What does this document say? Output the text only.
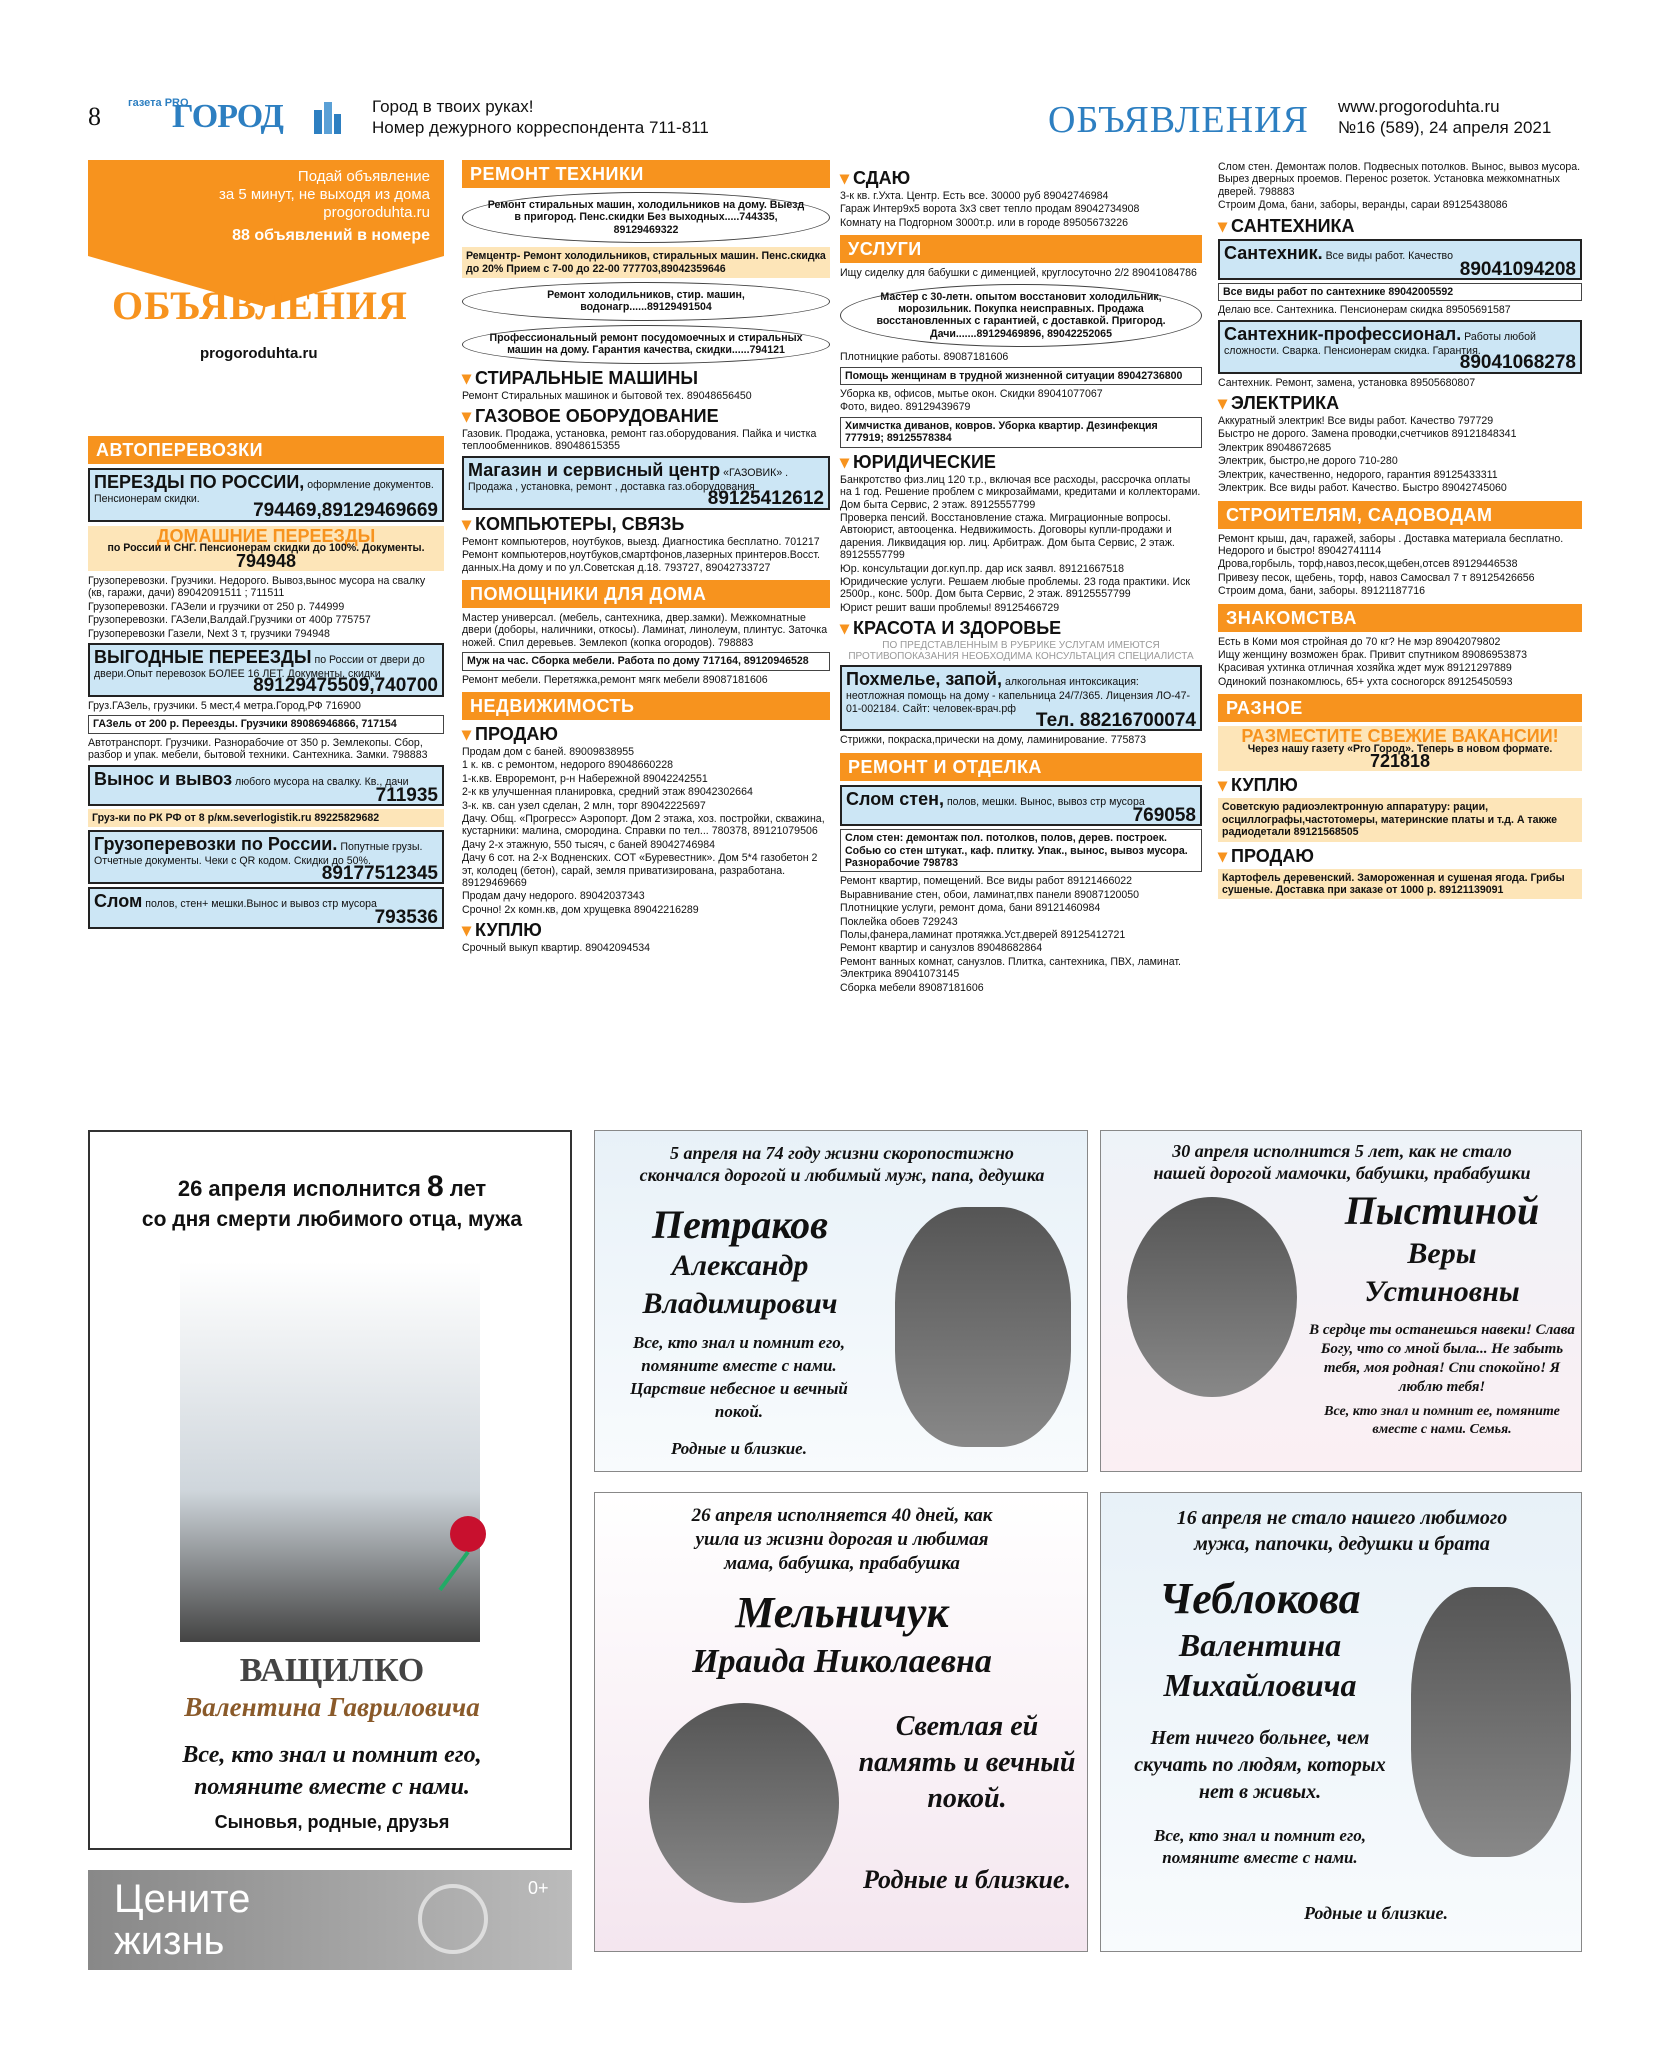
8 газета PRO
ГОРОД	Город в твоих руках!
Номер дежурного корреспондента 711-811	ОБЪЯВЛЕНИЯ www.progoroduhta.ru
№16 (589), 24 апреля 2021
Подай объявление
за 5 минут, не выходя из дома
progoroduhta.ru
88 объявлений в номере
ОБЪЯВЛЕНИЯ
progoroduhta.ru
АВТОПЕРЕВОЗКИ
ПЕРЕЗДЫ ПО РОССИИ, оформление документов. Пенсионерам скидки.
794469,89129469669
ДОМАШНИЕ ПЕРЕЕЗДЫ
по России и СНГ. Пенсионерам скидки до 100%. Документы.
794948
Грузоперевозки. Грузчики. Недорого. Вывоз,вынос мусора на свалку (кв, гаражи, дачи) 89042091511 ; 711511
Грузоперевозки. ГАЗели и грузчики от 250 р. 744999
Грузоперевозки. ГАЗели,Валдай.Грузчики от 400р 775757
Грузоперевозки Газели, Next 3 т, грузчики 794948
ВЫГОДНЫЕ ПЕРЕЕЗДЫ по России от двери до двери.Опыт перевозок БОЛЕЕ 16 ЛЕТ. Документы, скидки
89129475509,740700
Груз.ГАЗель, грузчики. 5 мест,4 метра.Город,РФ 716900
ГАЗель от 200 р. Переезды. Грузчики 89086946866, 717154
Автотранспорт. Грузчики. Разнорабочие от 350 р. Землекопы. Сбор, разбор и упак. мебели, бытовой техники. Сантехника. Замки. 798883
Вынос и вывоз любого мусора на свалку. Кв., дачи
711935
Груз-ки по РК РФ от 8 р/км.severlogistik.ru 89225829682
Грузоперевозки по России. Попутные грузы. Отчетные документы. Чеки с QR кодом. Скидки до 50%.
89177512345
Слом полов, стен+ мешки.Вынос и вывоз стр мусора
793536
РЕМОНТ ТЕХНИКИ
Ремонт стиральных машин, холодильников на дому. Выезд в пригород. Пенс.скидки Без выходных.....744335, 89129469322
Ремцентр- Ремонт холодильников, стиральных машин. Пенс.скидка до 20% Прием с 7-00 до 22-00 777703,89042359646
Ремонт холодильников, стир. машин, водонагр......89129491504
Профессиональный ремонт посудомоечных и стиральных машин на дому. Гарантия качества, скидки......794121
▾ СТИРАЛЬНЫЕ МАШИНЫ
Ремонт Стиральных машинок и бытовой тех. 89048656450
▾ ГАЗОВОЕ ОБОРУДОВАНИЕ
Газовик. Продажа, установка, ремонт газ.оборудования. Пайка и чистка теплообменников. 89048615355
Магазин и сервисный центр «ГАЗОВИК» . Продажа , установка, ремонт , доставка газ.оборудования
89125412612
▾ КОМПЬЮТЕРЫ, СВЯЗЬ
Ремонт компьютеров, ноутбуков, выезд. Диагностика бесплатно. 701217
Ремонт компьютеров,ноутбуков,смартфонов,лазерных принтеров.Восст. данных.На дому и по ул.Советская д.18. 793727, 89042733727
ПОМОЩНИКИ ДЛЯ ДОМА
Мастер универсал. (мебель, сантехника, двер.замки). Межкомнатные двери (доборы, наличники, откосы). Ламинат, линолеум, плинтус. Заточка ножей. Спил деревьев. Землекоп (копка огородов). 798883
Муж на час. Сборка мебели. Работа по дому 717164, 89120946528
Ремонт мебели. Перетяжка,ремонт мягк мебели 89087181606
НЕДВИЖИМОСТЬ
▾ ПРОДАЮ
Продам дом с баней. 89009838955
1 к. кв. с ремонтом, недорого 89048660228
1-к.кв. Евроремонт, р-н Набережной 89042242551
2-к кв улучшенная планировка, средний этаж 89042302664
3-к. кв. сан узел сделан, 2 млн, торг 89042225697
Дачу. Общ. «Прогресс» Аэропорт. Дом 2 этажа, хоз. постройки, скважина, кустарники: малина, смородина. Справки по тел... 780378, 89121079506
Дачу 2-х этажную, 550 тысяч, с баней 89042746984
Дачу 6 сот. на 2-х Водненских. СОТ «Буревестник». Дом 5*4 газобетон 2 эт, колодец (бетон), сарай, земля приватизирована, разработана. 89129469669
Продам дачу недорого. 89042037343
Срочно! 2х комн.кв, дом хрущевка 89042216289
▾ КУПЛЮ
Срочный выкуп квартир. 89042094534
▾ СДАЮ
3-к кв. г.Ухта. Центр. Есть все. 30000 руб 89042746984
Гараж Интер9х5 ворота 3х3 свет тепло продам 89042734908
Комнату на Подгорном 3000т.р. или в городе 89505673226
УСЛУГИ
Ищу сиделку для бабушки с дименцией, круглосуточно 2/2 89041084786
Мастер с 30-летн. опытом восстановит холодильник, морозильник. Покупка неисправных. Продажа восстановленных с гарантией, с доставкой. Пригород. Дачи.......89129469896, 89042252065
Плотницкие работы. 89087181606
Помощь женщинам в трудной жизненной ситуации 89042736800
Уборка кв, офисов, мытье окон. Скидки 89041077067
Фото, видео. 89129439679
Химчистка диванов, ковров. Уборка квартир. Дезинфекция 777919; 89125578384
▾ ЮРИДИЧЕСКИЕ
Банкротство физ.лиц 120 т.р., включая все расходы, рассрочка оплаты на 1 год. Решение проблем с микрозаймами, кредитами и коллекторами. Дом быта Сервис, 2 этаж. 89125557799
Проверка пенсий. Восстановление стажа. Миграционные вопросы. Автоюрист, автооценка. Недвижимость. Договоры купли-продажи и дарения. Ликвидация юр. лиц. Арбитраж. Дом быта Сервис, 2 этаж. 89125557799
Юр. консультации дог.куп.пр. дар иск заявл. 89121667518
Юридические услуги. Решаем любые проблемы. 23 года практики. Иск 2500р., конс. 500р. Дом быта Сервис, 2 этаж. 89125557799
Юрист решит ваши проблемы! 89125466729
▾ КРАСОТА И ЗДОРОВЬЕ
ПО ПРЕДСТАВЛЕННЫМ В РУБРИКЕ УСЛУГАМ ИМЕЮТСЯ ПРОТИВОПОКАЗАНИЯ НЕОБХОДИМА КОНСУЛЬТАЦИЯ СПЕЦИАЛИСТА
Похмелье, запой, алкогольная интоксикация: неотложная помощь на дому - капельница 24/7/365. Лицензия ЛО-47-01-002184. Сайт: человек-врач.рф
Тел. 88216700074
Стрижки, покраска,прически на дому, ламинирование. 775873
РЕМОНТ И ОТДЕЛКА
Слом стен, полов, мешки. Вынос, вывоз стр мусора
769058
Слом стен: демонтаж пол. потолков, полов, дерев. построек. Собью со стен штукат., каф. плитку. Упак., вынос, вывоз мусора. Разнорабочие 798783
Ремонт квартир, помещений. Все виды работ 89121466022
Выравнивание стен, обои, ламинат,пвх панели 89087120050
Плотницкие услуги, ремонт дома, бани 89121460984
Поклейка обоев 729243
Полы,фанера,ламинат протяжка.Уст.дверей 89125412721
Ремонт квартир и санузлов 89048682864
Ремонт ванных комнат, санузлов. Плитка, сантехника, ПВХ, ламинат. Электрика 89041073145
Сборка мебели 89087181606
Слом стен. Демонтаж полов. Подвесных потолков. Вынос, вывоз мусора. Вырез дверных проемов. Перенос розеток. Установка межкомнатных дверей. 798883
Строим Дома, бани, заборы, веранды, сараи 89125438086
▾ САНТЕХНИКА
Сантехник. Все виды работ. Качество
89041094208
Все виды работ по сантехнике 89042005592
Делаю все. Сантехника. Пенсионерам скидка 89505691587
Сантехник-профессионал. Работы любой сложности. Сварка. Пенсионерам скидка. Гарантия.
89041068278
Сантехник. Ремонт, замена, установка 89505680807
▾ ЭЛЕКТРИКА
Аккуратный электрик! Все виды работ. Качество 797729
Быстро не дорого. Замена проводки,счетчиков 89121848341
Электрик 89048672685
Электрик, быстро,не дорого 710-280
Электрик, качественно, недорого, гарантия 89125433311
Электрик. Все виды работ. Качество. Быстро 89042745060
СТРОИТЕЛЯМ, САДОВОДАМ
Ремонт крыш, дач, гаражей, заборы . Доставка материала бесплатно. Недорого и быстро! 89042741114
Дрова,горбыль, торф,навоз,песок,щебен,отсев 89129446538
Привезу песок, щебень, торф, навоз Самосвал 7 т 89125426656
Строим дома, бани, заборы. 89121187716
ЗНАКОМСТВА
Есть в Коми моя стройная до 70 кг? Не мэр 89042079802
Ищу женщину возможен брак. Привит спутником 89086953873
Красивая ухтинка отличная хозяйка ждет муж 89121297889
Одинокий познакомлюсь, 65+ ухта сосногорск 89125450593
РАЗНОЕ
РАЗМЕСТИТЕ СВЕЖИЕ ВАКАНСИИ!
Через нашу газету «Pro Город». Теперь в новом формате.
721818
▾ КУПЛЮ
Советскую радиоэлектронную аппаратуру: рации, осциллографы,частотомеры, материнские платы и т.д. А также радиодетали 89121568505
▾ ПРОДАЮ
Картофель деревенский. Замороженная и сушеная ягода. Грибы сушеные. Доставка при заказе от 1000 р. 89121139091
26 апреля исполнится 8 лет
со дня смерти любимого отца, мужа
ВАЩИЛКО
Валентина Гавриловича
Все, кто знал и помнит его,
помяните вместе с нами.
Сыновья, родные, друзья
Цените
жизнь
0+
5 апреля на 74 году жизни скоропостижно
скончался дорогой и любимый муж, папа, дедушка
Петраков
Александр
Владимирович
Все, кто знал и помнит его, помяните вместе с нами. Царствие небесное и вечный покой.
Родные и близкие.
30 апреля исполнится 5 лет, как не стало
нашей дорогой мамочки, бабушки, прабабушки
Пыстиной
Веры
Устиновны
В сердце ты останешься навеки! Слава Богу, что со мной была... Не забыть тебя, моя родная! Спи спокойно! Я люблю тебя!
Все, кто знал и помнит ее, помяните вместе с нами. Семья.
26 апреля исполняется 40 дней, как
ушла из жизни дорогая и любимая
мама, бабушка, прабабушка
Мельничук
Ираида Николаевна
Светлая ей память и вечный покой.
Родные и близкие.
16 апреля не стало нашего любимого
мужа, папочки, дедушки и брата
Чеблокова
Валентина
Михайловича
Нет ничего больнее, чем скучать по людям, которых нет в живых.
Все, кто знал и помнит его, помяните вместе с нами.
Родные и близкие.
